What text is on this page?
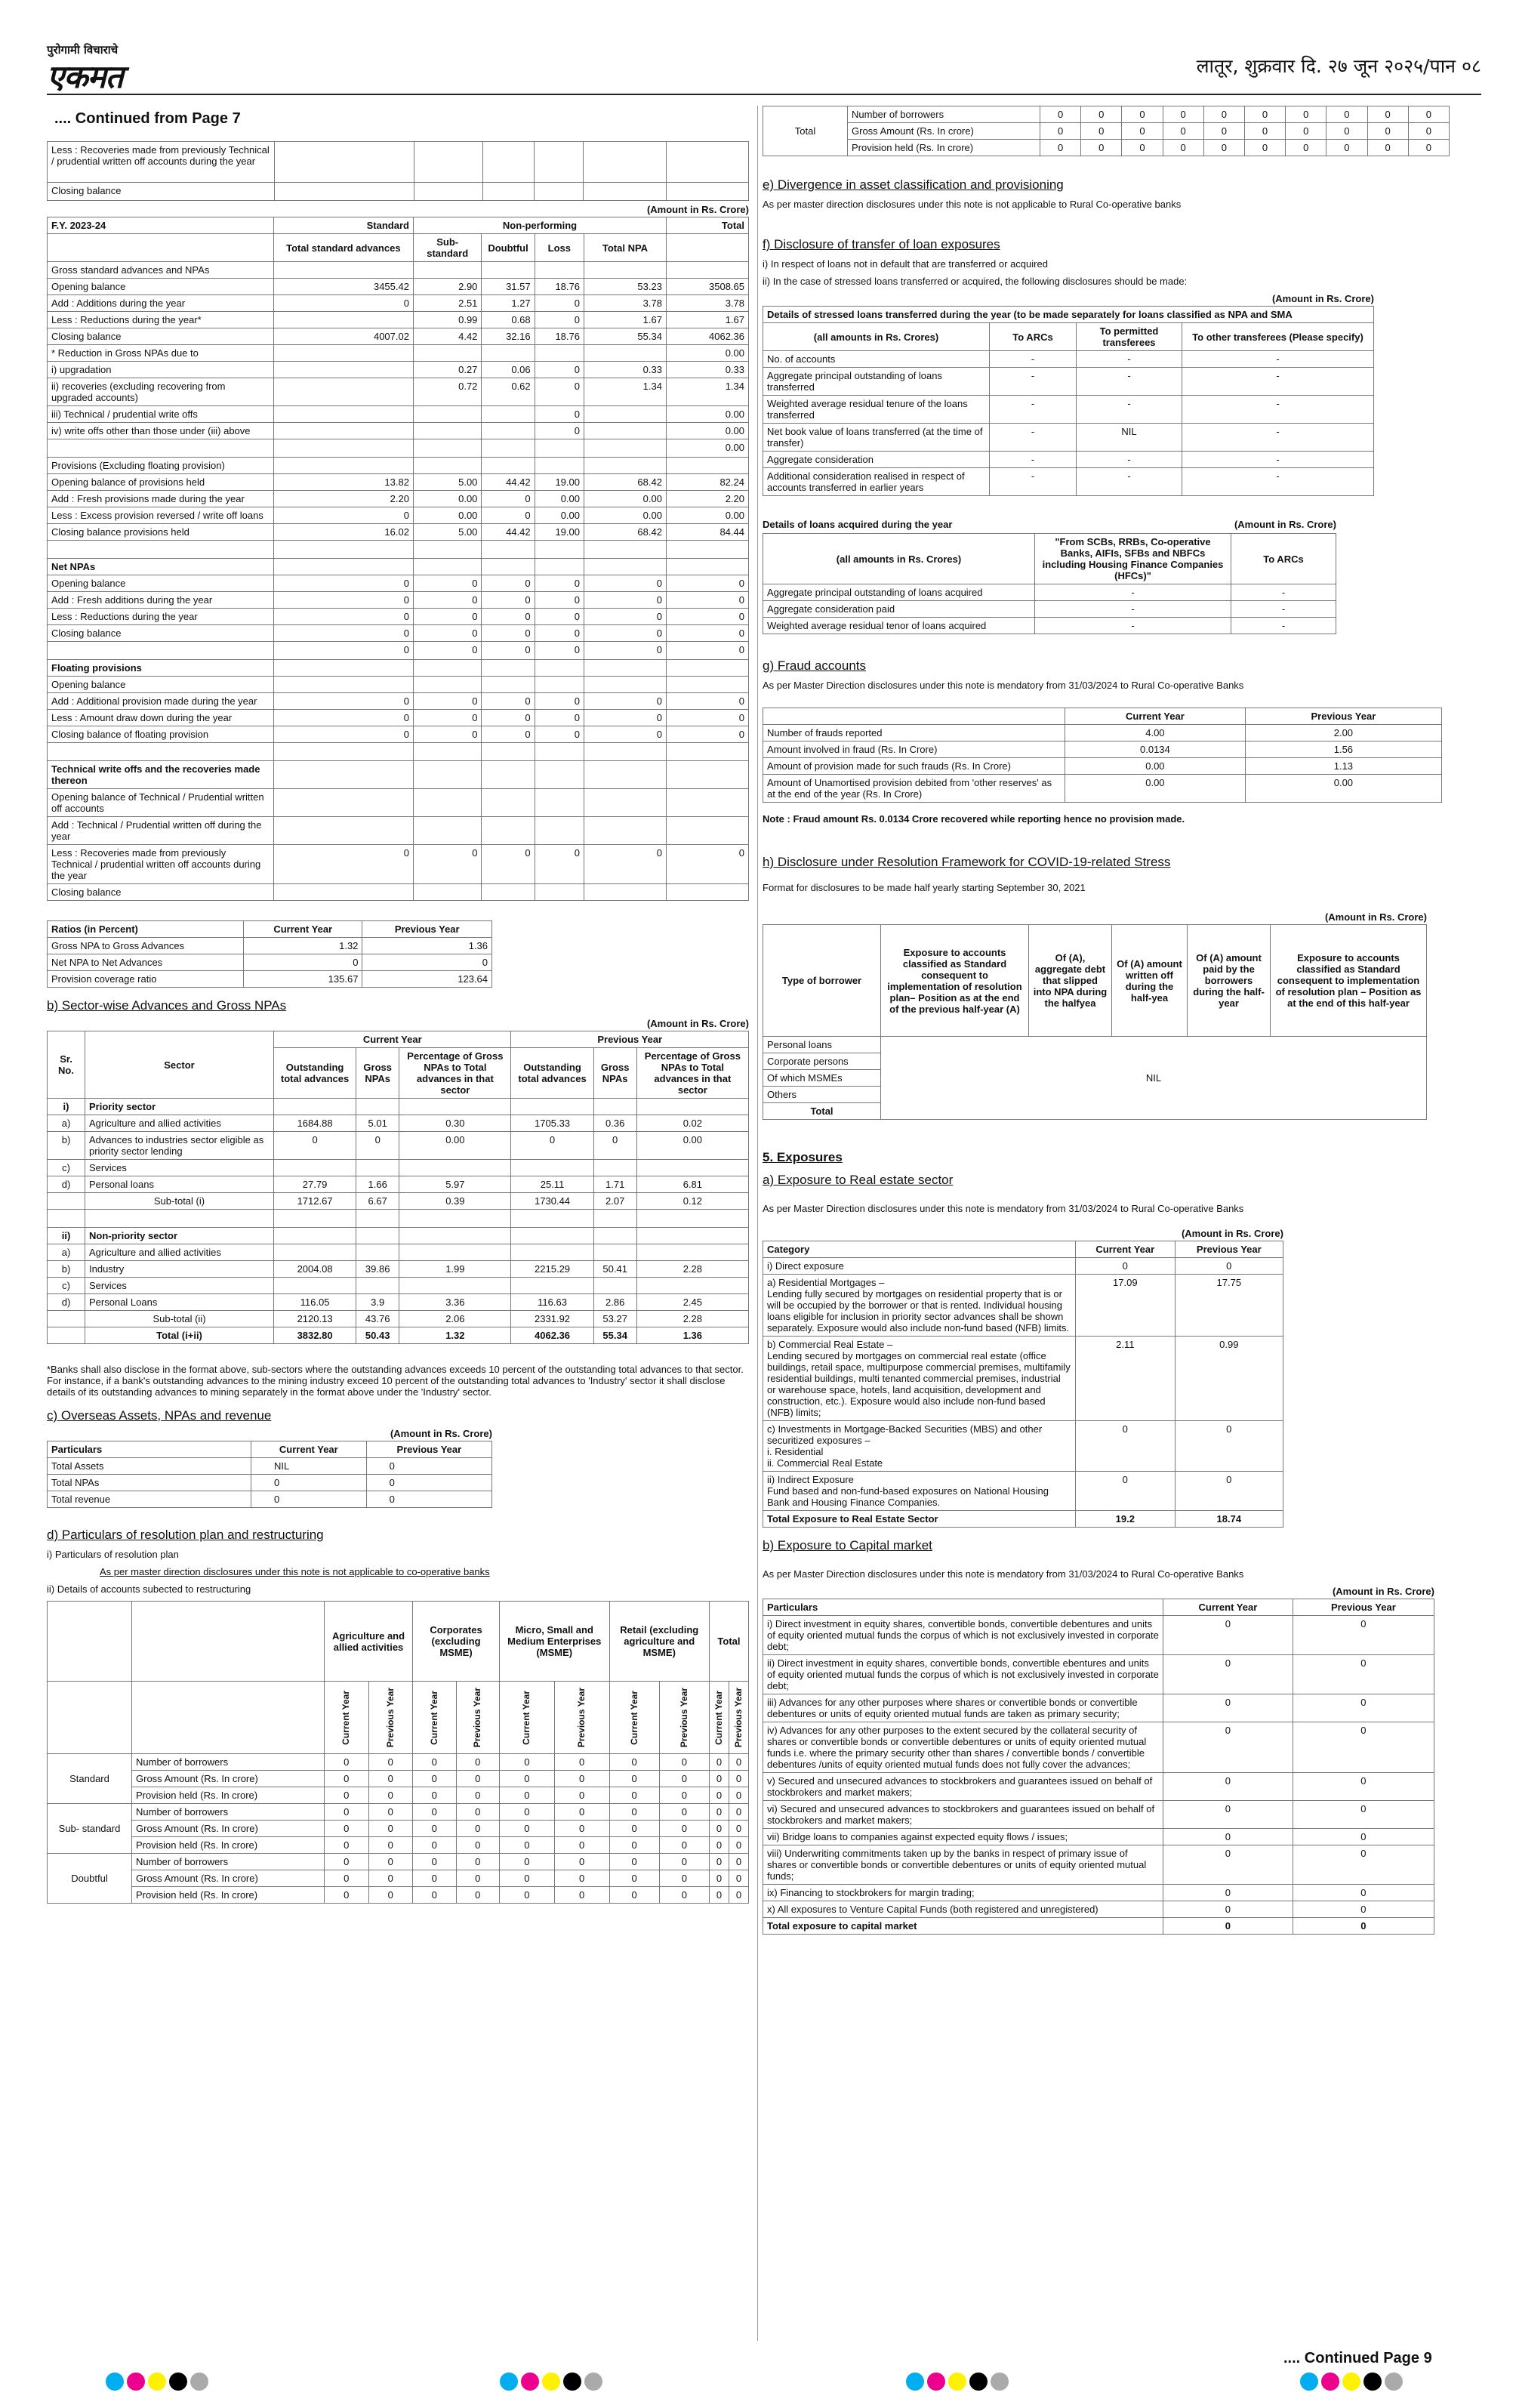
पुरोगामी विचाराचे
एकमत	लातूर, शुक्रवार दि. २७ जून २०२५/पान ०८
.... Continued from Page 7
Less : Recoveries made from previously Technical / prudential written off accounts during the year						
Closing balance						
(Amount in Rs. Crore)
F.Y. 2023-24	Standard	Non-performing				Total
	Total standard advances	Sub-standard	Doubtful	Loss	Total NPA	
Gross standard advances and NPAs						
Opening balance	3455.42	2.90	31.57	18.76	53.23	3508.65
Add : Additions during the year	0	2.51	1.27	0	3.78	3.78
Less : Reductions during the year*		0.99	0.68	0	1.67	1.67
Closing balance	4007.02	4.42	32.16	18.76	55.34	4062.36
* Reduction in Gross NPAs due to						0.00
i) upgradation		0.27	0.06	0	0.33	0.33
ii) recoveries (excluding recovering from upgraded accounts)		0.72	0.62	0	1.34	1.34
iii) Technical / prudential write offs				0		0.00
iv) write offs other than those under (iii) above				0		0.00
						0.00
Provisions (Excluding floating provision)						
Opening balance of provisions held	13.82	5.00	44.42	19.00	68.42	82.24
Add : Fresh provisions made during the year	2.20	0.00	0	0.00	0.00	2.20
Less : Excess provision reversed / write off loans	0	0.00	0	0.00	0.00	0.00
Closing balance provisions held	16.02	5.00	44.42	19.00	68.42	84.44

Net NPAs						
Opening balance	0	0	0	0	0	0
Add : Fresh additions during the year	0	0	0	0	0	0
Less : Reductions during the year	0	0	0	0	0	0
Closing balance	0	0	0	0	0	0
	0	0	0	0	0	0
Floating provisions						
Opening balance						
Add : Additional provision made during the year	0	0	0	0	0	0
Less : Amount draw down during the year	0	0	0	0	0	0
Closing balance of floating provision	0	0	0	0	0	0

Technical write offs and the recoveries made thereon						
Opening balance of Technical / Prudential written off accounts						
Add : Technical / Prudential written off during the year						
Less : Recoveries made from previously Technical / prudential written off accounts during the year	0	0	0	0	0	0
Closing balance						
Ratios (in Percent)	Current Year	Previous Year
Gross NPA to Gross Advances	1.32	1.36
Net NPA to Net Advances	0	0
Provision coverage ratio	135.67	123.64
b) Sector-wise Advances and Gross NPAs
(Amount in Rs. Crore)
Sr. No.	Sector	Current Year			Previous Year		
		Outstanding total advances	Gross NPAs	Percentage of Gross NPAs to Total advances in that sector	Outstanding total advances	Gross NPAs	Percentage of Gross NPAs to Total advances in that sector
i)	Priority sector						
a)	Agriculture and allied activities	1684.88	5.01	0.30	1705.33	0.36	0.02
b)	Advances to industries sector eligible as priority sector lending	0	0	0.00	0	0	0.00
c)	Services						
d)	Personal loans	27.79	1.66	5.97	25.11	1.71	6.81
	Sub-total (i)	1712.67	6.67	0.39	1730.44	2.07	0.12

ii)	Non-priority sector						
a)	Agriculture and allied activities						
b)	Industry	2004.08	39.86	1.99	2215.29	50.41	2.28
c)	Services						
d)	Personal Loans	116.05	3.9	3.36	116.63	2.86	2.45
	Sub-total (ii)	2120.13	43.76	2.06	2331.92	53.27	2.28
	Total (i+ii)	3832.80	50.43	1.32	4062.36	55.34	1.36
*Banks shall also disclose in the format above, sub-sectors where the outstanding advances exceeds 10 percent of the outstanding total advances to that sector. For instance, if a bank's outstanding advances to the mining industry exceed 10 percent of the outstanding total advances to 'Industry' sector it shall disclose details of its outstanding advances to mining separately in the format above under the 'Industry' sector.
c) Overseas Assets, NPAs and revenue
(Amount in Rs. Crore)
Particulars	Current Year	Previous Year
Total Assets	NIL	0
Total NPAs	0	0
Total revenue	0	0
d) Particulars of resolution plan and restructuring
i) Particulars of resolution plan
As per master direction disclosures under this note is not applicable to co-operative banks
ii) Details of accounts subected to restructuring
		Agriculture and allied activities		Corporates (excluding MSME)		Micro, Small and Medium Enterprises (MSME)		Retail (excluding agriculture and MSME)		Total	

		Current Year	Previous Year	Current Year	Previous Year	Current Year	Previous Year	Current Year	Previous Year	Current Year	Previous Year

Standard	Number of borrowers	0	0	0	0	0	0	0	0	0	0
	Gross Amount (Rs. In crore)	0	0	0	0	0	0	0	0	0	0
	Provision held (Rs. In crore)	0	0	0	0	0	0	0	0	0	0
Sub- standard	Number of borrowers	0	0	0	0	0	0	0	0	0	0
	Gross Amount (Rs. In crore)	0	0	0	0	0	0	0	0	0	0
	Provision held (Rs. In crore)	0	0	0	0	0	0	0	0	0	0
Doubtful	Number of borrowers	0	0	0	0	0	0	0	0	0	0
	Gross Amount (Rs. In crore)	0	0	0	0	0	0	0	0	0	0
	Provision held (Rs. In crore)	0	0	0	0	0	0	0	0	0	0
Total	Number of borrowers	0	0	0	0	0	0	0	0	0	0
	Gross Amount (Rs. In crore)	0	0	0	0	0	0	0	0	0	0
	Provision held (Rs. In crore)	0	0	0	0	0	0	0	0	0	0
e) Divergence in asset classification and provisioning
As per master direction disclosures under this note is not applicable to Rural Co-operative banks
f) Disclosure of transfer of loan exposures
i) In respect of loans not in default that are transferred or acquired
ii) In the case of stressed loans transferred or acquired, the following disclosures should be made:
(Amount in Rs. Crore)
Details of stressed loans transferred during the year (to be made separately for loans classified as NPA and SMA			
(all amounts in Rs. Crores)	To ARCs	To permitted transferees	To other transferees (Please specify)
No. of accounts	-	-	-
Aggregate principal outstanding of loans transferred	-	-	-
Weighted average residual tenure of the loans transferred	-	-	-
Net book value of loans transferred (at the time of transfer)	-	NIL	-
Aggregate consideration	-	-	-
Additional consideration realised in respect of accounts transferred in earlier years	-	-	-
Details of loans acquired during the year	(Amount in Rs. Crore)
(all amounts in Rs. Crores)	"From SCBs, RRBs, Co-operative Banks, AIFIs, SFBs and NBFCs including Housing Finance Companies (HFCs)"	To ARCs
Aggregate principal outstanding of loans acquired	-	-
Aggregate consideration paid	-	-
Weighted average residual tenor of loans acquired	-	-
g) Fraud accounts
As per Master Direction disclosures under this note is mendatory from 31/03/2024 to Rural Co-operative Banks
	Current Year	Previous Year
Number of frauds reported	4.00	2.00
Amount involved in fraud (Rs. In Crore)	0.0134	1.56
Amount of provision made for such frauds (Rs. In Crore)	0.00	1.13
Amount of Unamortised provision debited from 'other reserves' as at the end of the year (Rs. In Crore)	0.00	0.00
Note : Fraud amount Rs. 0.0134 Crore recovered while reporting hence no provision made.
h) Disclosure under Resolution Framework for COVID-19-related Stress
Format for disclosures to be made half yearly starting September 30, 2021
(Amount in Rs. Crore)
Type of borrower	Exposure to accounts classified as Standard consequent to implementation of resolution plan– Position as at the end of the previous half-year (A)	Of (A), aggregate debt that slipped into NPA during the halfyea	Of (A) amount written off during the half-yea	Of (A) amount paid by the borrowers during the half- year	Exposure to accounts classified as Standard consequent to implementation of resolution plan – Position as at the end of this half-year
Personal loans	NIL				
Corporate persons					
Of which MSMEs					
Others					
Total					
5. Exposures
a) Exposure to Real estate sector
As per Master Direction disclosures under this note is mendatory from 31/03/2024 to Rural Co-operative Banks
(Amount in Rs. Crore)
Category	Current Year	Previous Year
i) Direct exposure	0	0
a) Residential Mortgages –
Lending fully secured by mortgages on residential property that is or will be occupied by the borrower or that is rented. Individual housing
loans eligible for inclusion in priority sector advances shall be shown separately. Exposure would also include non-fund based (NFB) limits.	17.09	17.75
b) Commercial Real Estate –
Lending secured by mortgages on commercial real estate (office buildings, retail space, multipurpose commercial premises, multifamily residential buildings, multi tenanted commercial premises, industrial or warehouse space, hotels, land acquisition, development and construction, etc.). Exposure would also include non-fund based (NFB) limits;	2.11	0.99
c) Investments in Mortgage-Backed Securities (MBS) and other securitized exposures –
i. Residential
ii. Commercial Real Estate	0	0
ii) Indirect Exposure
Fund based and non-fund-based exposures on National Housing Bank and Housing Finance Companies.	0	0
Total Exposure to Real Estate Sector	19.2	18.74
b) Exposure to Capital market
As per Master Direction disclosures under this note is mendatory from 31/03/2024 to Rural Co-operative Banks
(Amount in Rs. Crore)
Particulars	Current Year	Previous Year
i) Direct investment in equity shares, convertible bonds, convertible debentures and units of equity oriented mutual funds the corpus of which is not exclusively invested in corporate debt;	0	0
ii) Direct investment in equity shares, convertible bonds, convertible ebentures and units of equity oriented mutual funds the corpus of which is not exclusively invested in corporate debt;	0	0
iii) Advances for any other purposes where shares or convertible bonds or convertible debentures or units of equity oriented mutual funds are taken as primary security;	0	0
iv) Advances for any other purposes to the extent secured by the collateral security of shares or convertible bonds or convertible debentures or units of equity oriented mutual funds i.e. where the primary security other than shares / convertible bonds / convertible debentures /units of equity oriented mutual funds does not fully cover the advances;	0	0
v) Secured and unsecured advances to stockbrokers and guarantees issued on behalf of stockbrokers and market makers;	0	0
vi) Secured and unsecured advances to stockbrokers and guarantees issued on behalf of stockbrokers and market makers;	0	0
vii) Bridge loans to companies against expected equity flows / issues;	0	0
viii) Underwriting commitments taken up by the banks in respect of primary issue of shares or convertible bonds or convertible debentures or units of equity oriented mutual funds;	0	0
ix) Financing to stockbrokers for margin trading;	0	0
x) All exposures to Venture Capital Funds (both registered and unregistered)	0	0
Total exposure to capital market	0	0
.... Continued Page 9
